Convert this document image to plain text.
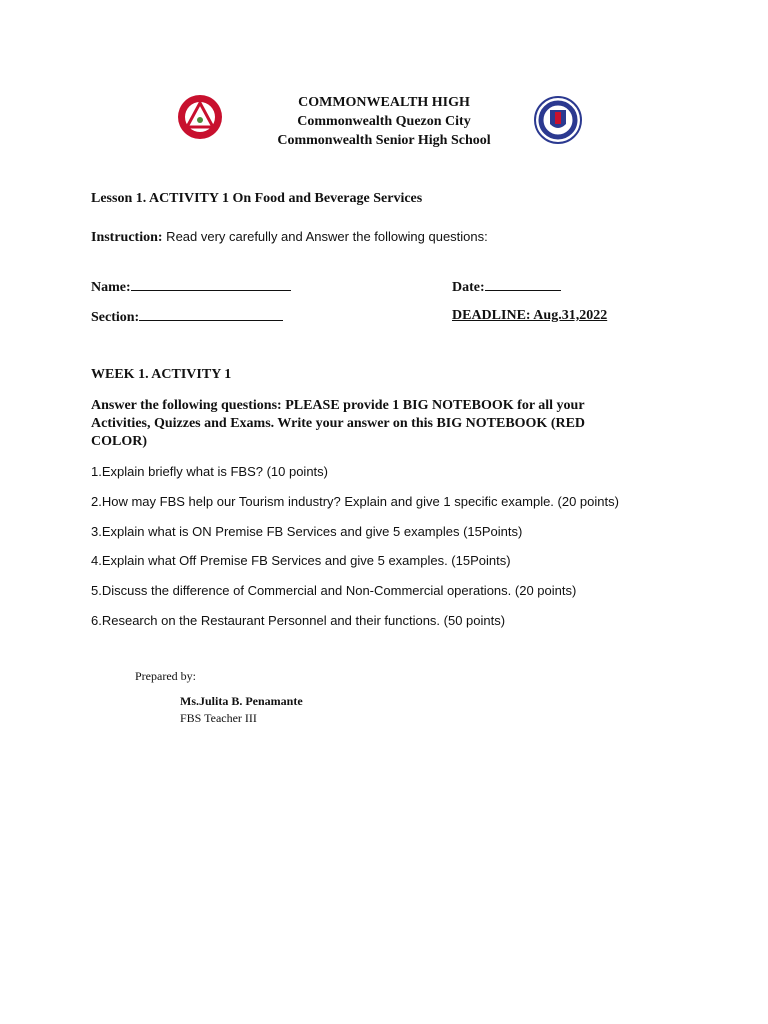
COMMONWEALTH HIGH
Commonwealth Quezon City
Commonwealth Senior High School
Lesson 1. ACTIVITY 1 On Food and Beverage Services
Instruction: Read very carefully and Answer the following questions:
Name:	Date:
Section:	DEADLINE: Aug.31,2022
WEEK 1. ACTIVITY 1
Answer the following questions: PLEASE provide 1 BIG NOTEBOOK for all your Activities, Quizzes and Exams. Write your answer on this BIG NOTEBOOK (RED COLOR)
1.Explain briefly what is FBS? (10 points)
2.How may FBS help our Tourism industry? Explain and give 1 specific example. (20 points)
3.Explain what is ON Premise FB Services and give 5 examples (15Points)
4.Explain what Off Premise FB Services and give 5 examples. (15Points)
5.Discuss the difference of Commercial and Non-Commercial operations. (20 points)
6.Research on the Restaurant Personnel and their functions. (50 points)
Prepared by:
Ms.Julita B. Penamante
FBS Teacher III
